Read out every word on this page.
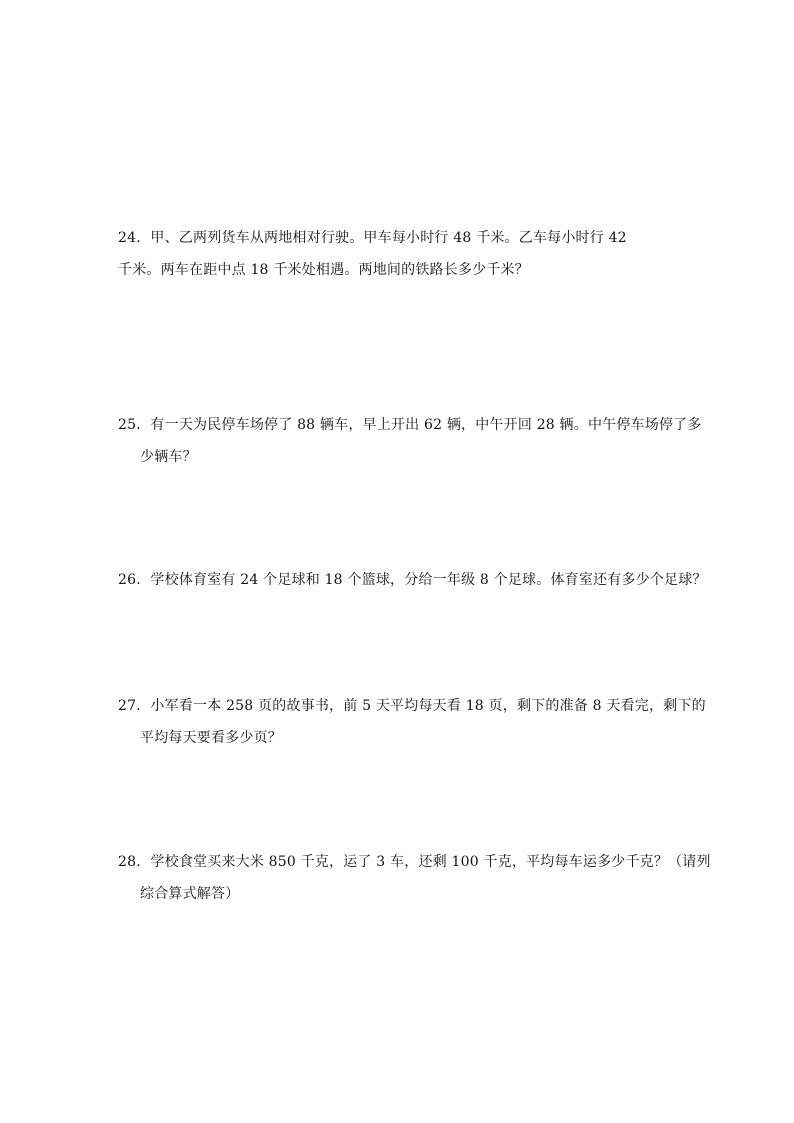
24．甲、乙两列货车从两地相对行驶。甲车每小时行 48 千米。乙车每小时行 42
千米。两车在距中点 18 千米处相遇。两地间的铁路长多少千米？
25．有一天为民停车场停了 88 辆车，早上开出 62 辆，中午开回 28 辆。中午停车场停了多
少辆车？
26．学校体育室有 24 个足球和 18 个篮球，分给一年级 8 个足球。体育室还有多少个足球？
27．小军看一本 258 页的故事书，前 5 天平均每天看 18 页，剩下的准备 8 天看完，剩下的
平均每天要看多少页？
28．学校食堂买来大米 850 千克，运了 3 车，还剩 100 千克，平均每车运多少千克？（请列
综合算式解答）
